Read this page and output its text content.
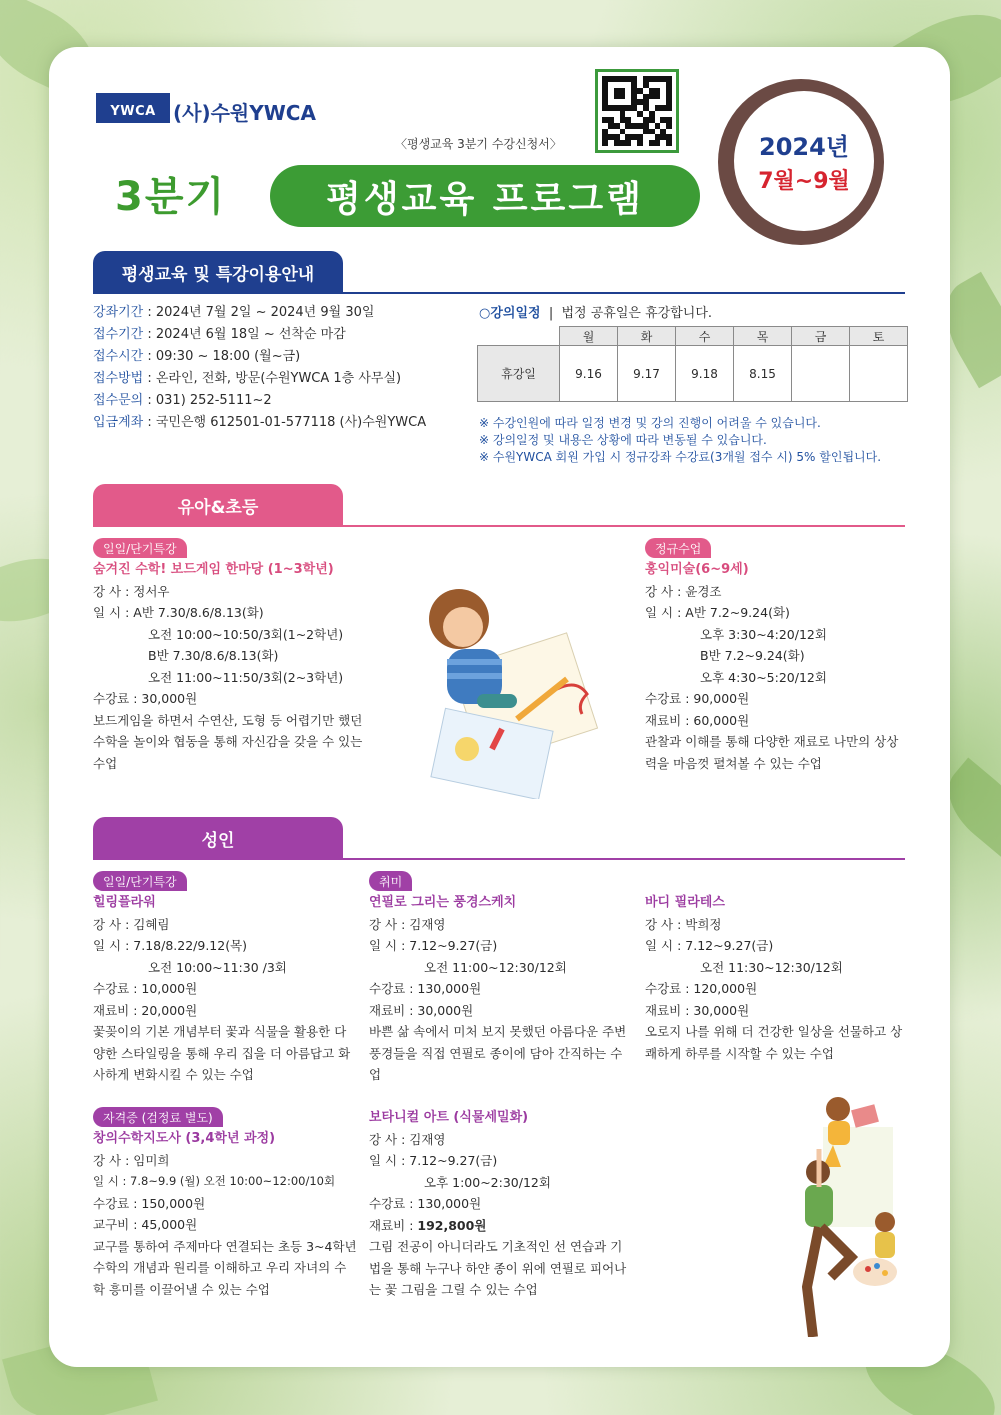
YWCA (사)수원YWCA
〈평생교육 3분기 수강신청서〉
3분기	평생교육 프로그램
2024년
7월~9월
평생교육 및 특강이용안내
강좌기간 : 2024년 7월 2일 ~ 2024년 9월 30일
접수기간 : 2024년 6월 18일 ~ 선착순 마감
접수시간 : 09:30 ~ 18:00 (월~금)
접수방법 : 온라인, 전화, 방문(수원YWCA 1층 사무실)
접수문의 : 031) 252-5111~2
입금계좌 : 국민은행 612501-01-577118 (사)수원YWCA
○강의일정 | 법정 공휴일은 휴강합니다.
	월	화	수	목	금	토
휴강일	9.16	9.17	9.18	8.15		
※ 수강인원에 따라 일정 변경 및 강의 진행이 어려울 수 있습니다.
※ 강의일정 및 내용은 상황에 따라 변동될 수 있습니다.
※ 수원YWCA 회원 가입 시 정규강좌 수강료(3개월 접수 시) 5% 할인됩니다.
유아&초등
일일/단기특강
숨겨진 수학! 보드게임 한마당 (1~3학년)
강 사 : 정서우
일 시 : A반 7.30/8.6/8.13(화)
오전 10:00~10:50/3회(1~2학년)
B반 7.30/8.6/8.13(화)
오전 11:00~11:50/3회(2~3학년)
수강료 : 30,000원
보드게임을 하면서 수연산, 도형 등 어렵기만 했던 수학을 놀이와 협동을 통해 자신감을 갖을 수 있는 수업
정규수업
홍익미술(6~9세)
강 사 : 윤경조
일 시 : A반 7.2~9.24(화)
오후 3:30~4:20/12회
B반 7.2~9.24(화)
오후 4:30~5:20/12회
수강료 : 90,000원
재료비 : 60,000원
관찰과 이해를 통해 다양한 재료로 나만의 상상력을 마음껏 펼쳐볼 수 있는 수업
성인
일일/단기특강
힐링플라워
강 사 : 김혜림
일 시 : 7.18/8.22/9.12(목)
오전 10:00~11:30 /3회
수강료 : 10,000원
재료비 : 20,000원
꽃꽂이의 기본 개념부터 꽃과 식물을 활용한 다양한 스타일링을 통해 우리 집을 더 아름답고 화사하게 변화시킬 수 있는 수업
취미
연필로 그리는 풍경스케치
강 사 : 김재영
일 시 : 7.12~9.27(금)
오전 11:00~12:30/12회
수강료 : 130,000원
재료비 : 30,000원
바쁜 삶 속에서 미처 보지 못했던 아름다운 주변 풍경들을 직접 연필로 종이에 담아 간직하는 수업
바디 필라테스
강 사 : 박희정
일 시 : 7.12~9.27(금)
오전 11:30~12:30/12회
수강료 : 120,000원
재료비 : 30,000원
오로지 나를 위해 더 건강한 일상을 선물하고 상쾌하게 하루를 시작할 수 있는 수업
자격증 (검정료 별도)
창의수학지도사 (3,4학년 과정)
강 사 : 임미희
일 시 : 7.8~9.9 (월) 오전 10:00~12:00/10회
수강료 : 150,000원
교구비 : 45,000원
교구를 통하여 주제마다 연결되는 초등 3~4학년 수학의 개념과 원리를 이해하고 우리 자녀의 수학 흥미를 이끌어낼 수 있는 수업
보타니컬 아트 (식물세밀화)
강 사 : 김재영
일 시 : 7.12~9.27(금)
오후 1:00~2:30/12회
수강료 : 130,000원
재료비 : 192,800원
그림 전공이 아니더라도 기초적인 선 연습과 기법을 통해 누구나 하얀 종이 위에 연필로 피어나는 꽃 그림을 그릴 수 있는 수업
